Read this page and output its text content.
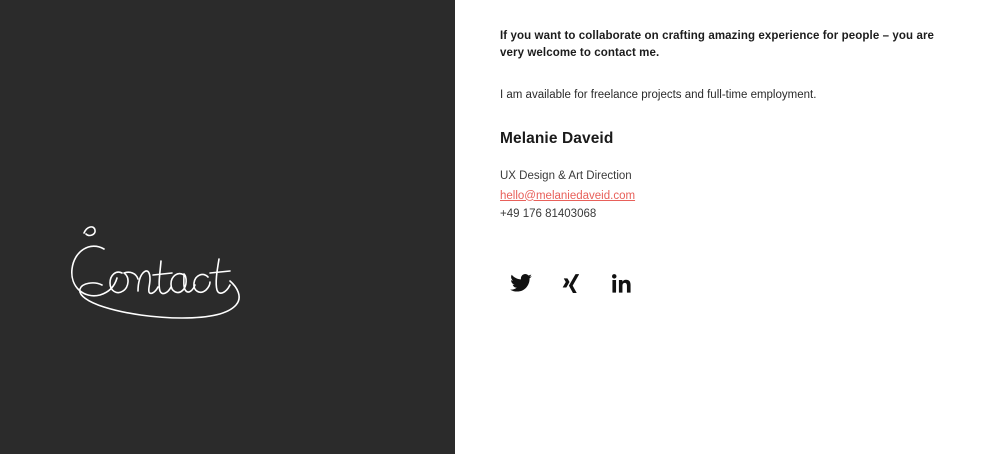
If you want to collaborate on crafting amazing experience for people – you are very welcome to contact me.

I am available for freelance projects and full-time employment.

Melanie Daveid

UX Design & Art Direction

hello@melaniedaveid.com

+49 176 81403068
